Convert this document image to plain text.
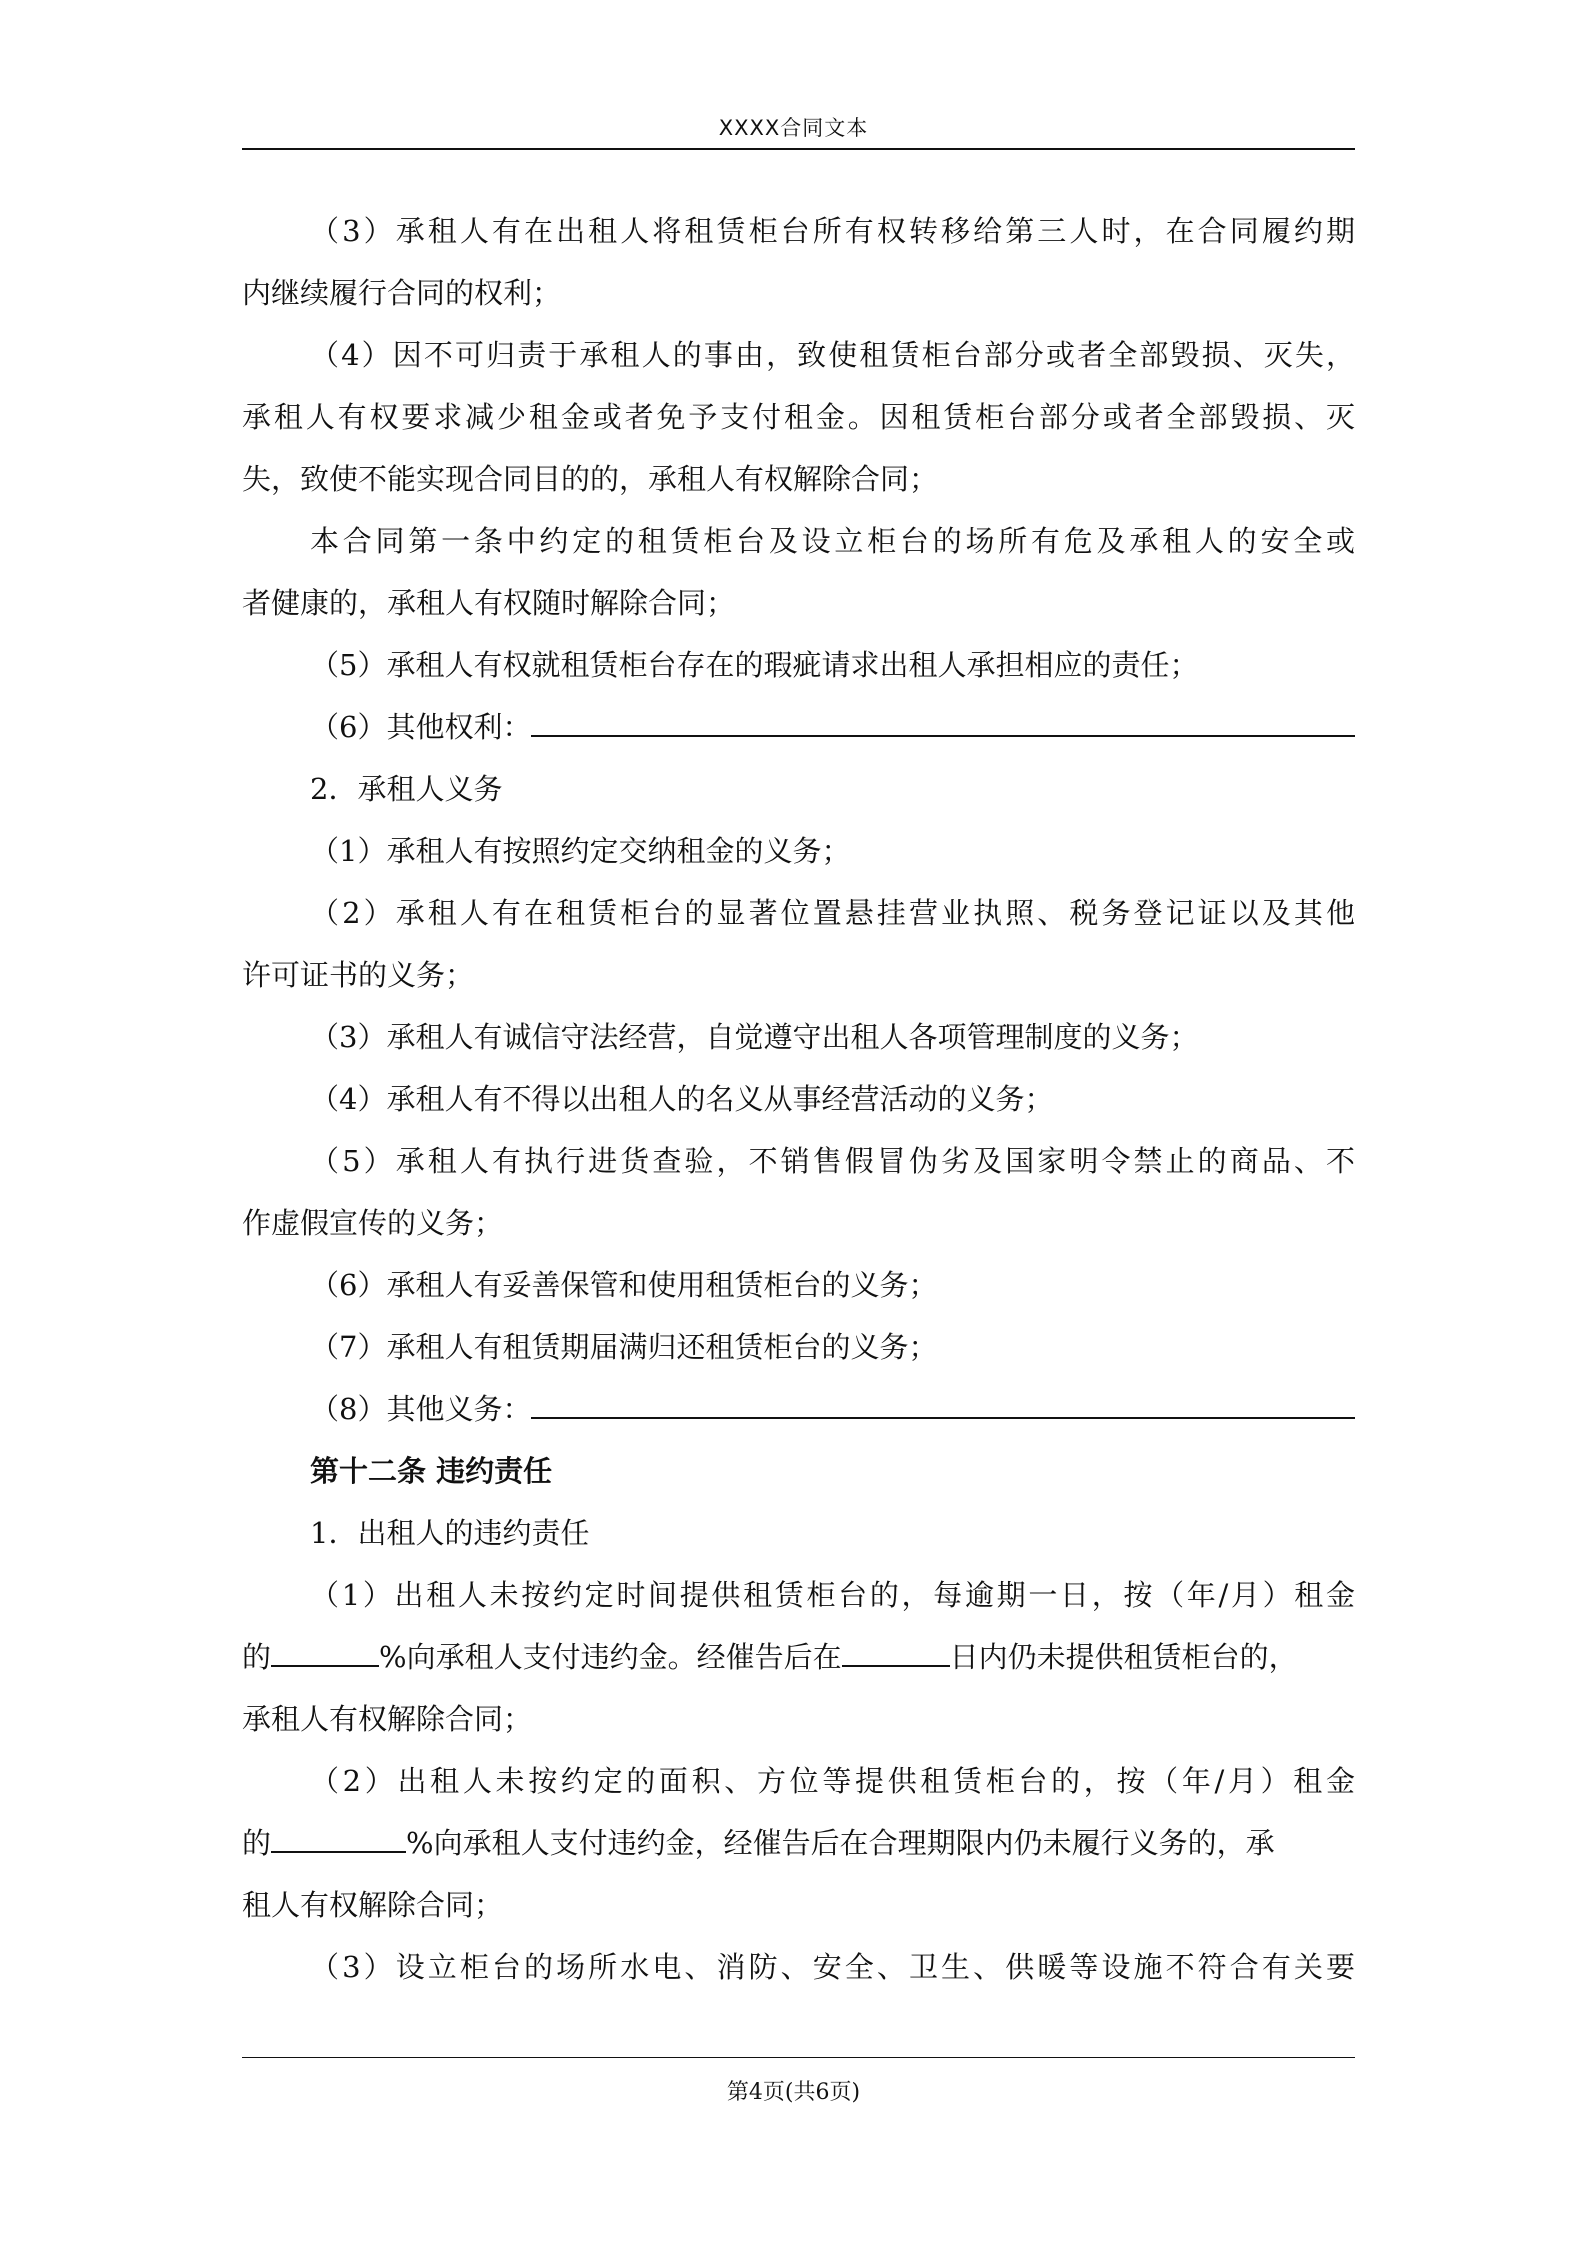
XXXX合同文本
（3）承租人有在出租人将租赁柜台所有权转移给第三人时，在合同履约期
内继续履行合同的权利；
（4）因不可归责于承租人的事由，致使租赁柜台部分或者全部毁损、灭失，
承租人有权要求减少租金或者免予支付租金。因租赁柜台部分或者全部毁损、灭
失，致使不能实现合同目的的，承租人有权解除合同；
本合同第一条中约定的租赁柜台及设立柜台的场所有危及承租人的安全或
者健康的，承租人有权随时解除合同；
（5）承租人有权就租赁柜台存在的瑕疵请求出租人承担相应的责任；
（6）其他权利：
2．承租人义务
（1）承租人有按照约定交纳租金的义务；
（2）承租人有在租赁柜台的显著位置悬挂营业执照、税务登记证以及其他
许可证书的义务；
（3）承租人有诚信守法经营，自觉遵守出租人各项管理制度的义务；
（4）承租人有不得以出租人的名义从事经营活动的义务；
（5）承租人有执行进货查验，不销售假冒伪劣及国家明令禁止的商品、不
作虚假宣传的义务；
（6）承租人有妥善保管和使用租赁柜台的义务；
（7）承租人有租赁期届满归还租赁柜台的义务；
（8）其他义务：
第十二条 违约责任
1．出租人的违约责任
（1）出租人未按约定时间提供租赁柜台的，每逾期一日，按（年/月）租金
的	%向承租人支付违约金。经催告后在	日内仍未提供租赁柜台的，
承租人有权解除合同；
（2）出租人未按约定的面积、方位等提供租赁柜台的，按（年/月）租金
的	%向承租人支付违约金，经催告后在合理期限内仍未履行义务的，承
租人有权解除合同；
（3）设立柜台的场所水电、消防、安全、卫生、供暖等设施不符合有关要
第4页(共6页)
